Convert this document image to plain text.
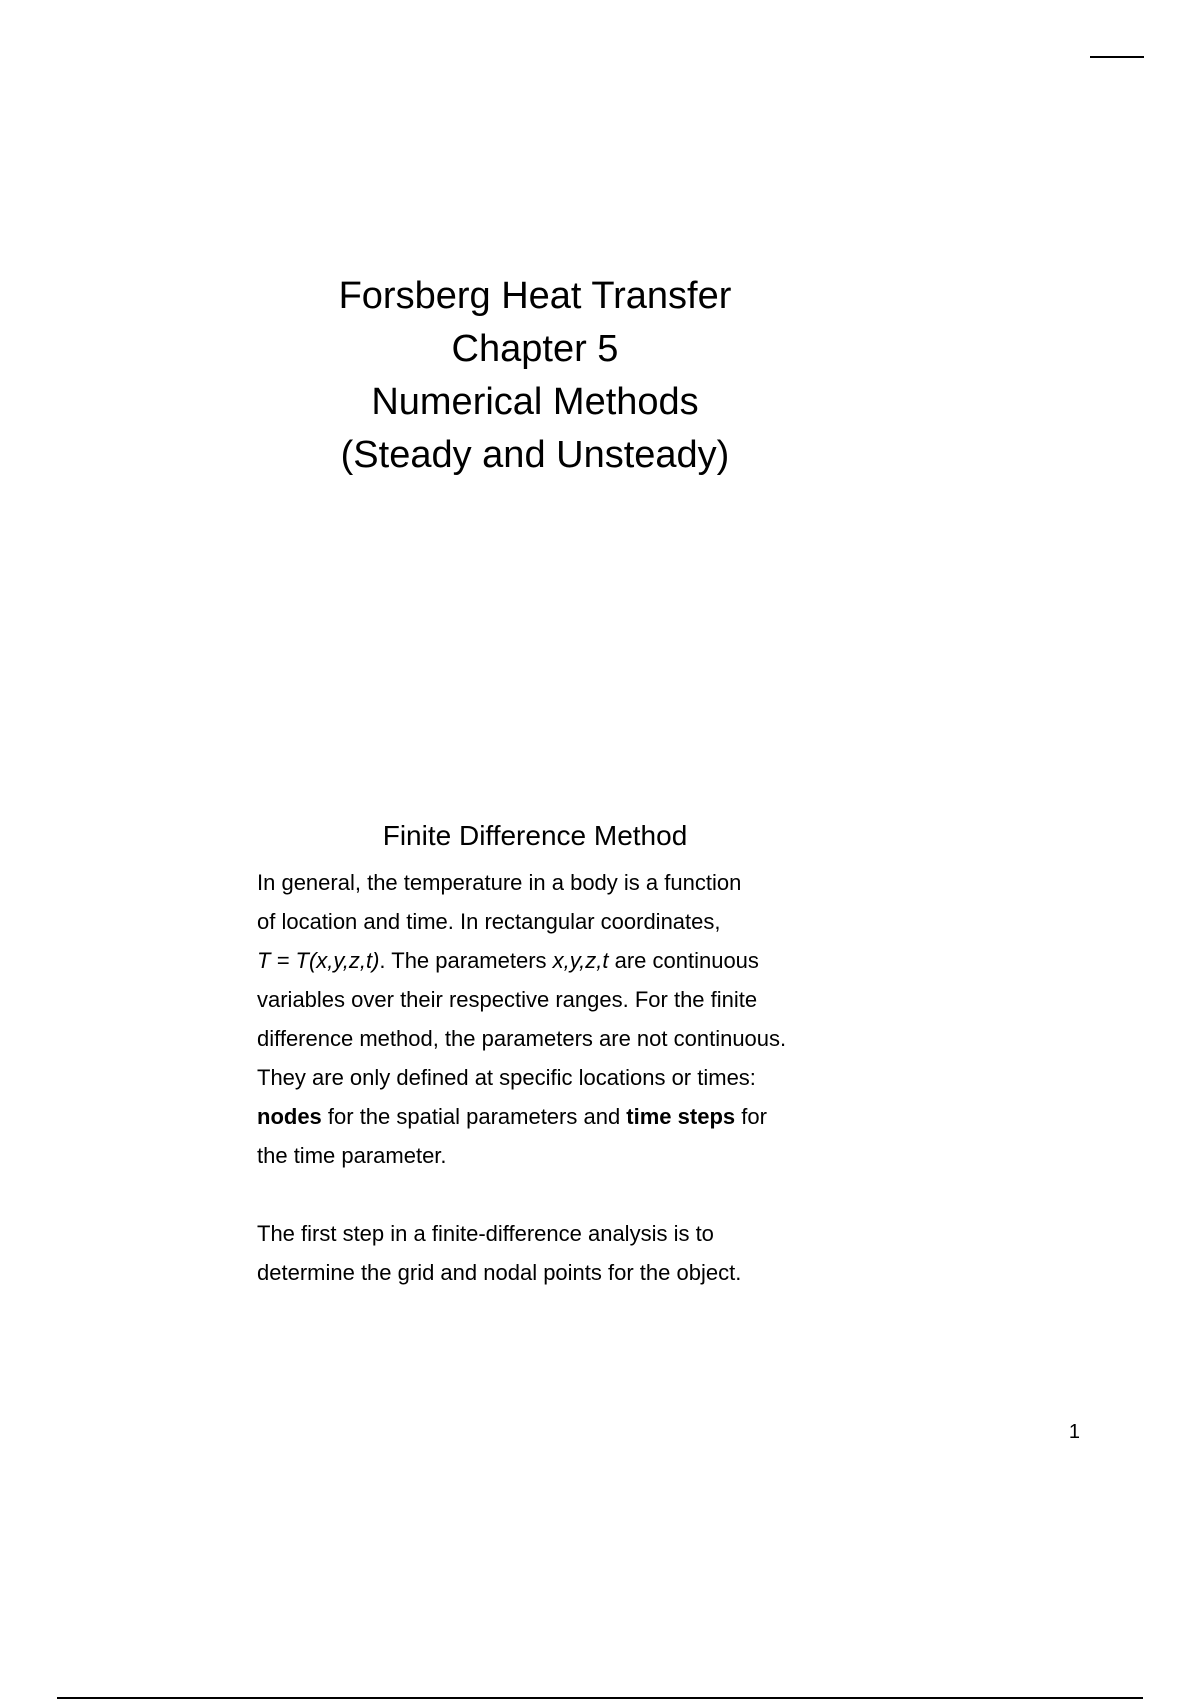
Forsberg Heat Transfer
Chapter 5
Numerical Methods
(Steady and Unsteady)
Finite Difference Method
In general, the temperature in a body is a function
of location and time. In rectangular coordinates,
T = T(x,y,z,t). The parameters x,y,z,t are continuous
variables over their respective ranges. For the finite
difference method, the parameters are not continuous.
They are only defined at specific locations or times:
nodes for the spatial parameters and time steps for
the time parameter.
The first step in a finite-difference analysis is to
determine the grid and nodal points for the object.
1
